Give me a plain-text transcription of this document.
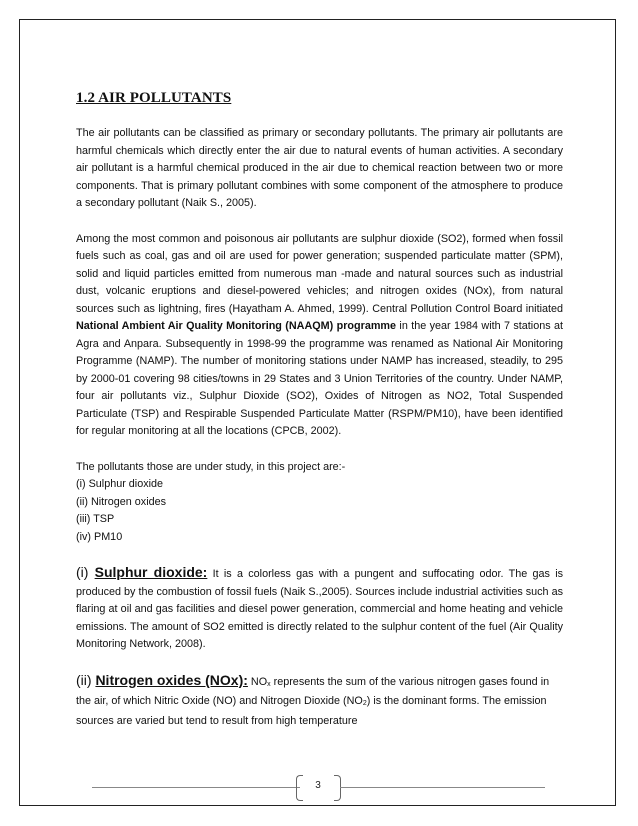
1.2 AIR POLLUTANTS

The air pollutants can be classified as primary or secondary pollutants. The primary air pollutants are harmful chemicals which directly enter the air due to natural events of human activities. A secondary air pollutant is a harmful chemical produced in the air due to chemical reaction between two or more components. That is primary pollutant combines with some component of the atmosphere to produce a secondary pollutant (Naik S., 2005).

Among the most common and poisonous air pollutants are sulphur dioxide (SO2), formed when fossil fuels such as coal, gas and oil are used for power generation; suspended particulate matter (SPM), solid and liquid particles emitted from numerous man -made and natural sources such as industrial dust, volcanic eruptions and diesel-powered vehicles; and nitrogen oxides (NOx), from natural sources such as lightning, fires (Hayatham A. Ahmed, 1999). Central Pollution Control Board initiated National Ambient Air Quality Monitoring (NAAQM) programme in the year 1984 with 7 stations at Agra and Anpara. Subsequently in 1998-99 the programme was renamed as National Air Monitoring Programme (NAMP). The number of monitoring stations under NAMP has increased, steadily, to 295 by 2000-01 covering 98 cities/towns in 29 States and 3 Union Territories of the country. Under NAMP, four air pollutants viz., Sulphur Dioxide (SO2), Oxides of Nitrogen as NO2, Total Suspended Particulate (TSP) and Respirable Suspended Particulate Matter (RSPM/PM10), have been identified for regular monitoring at all the locations (CPCB, 2002).

The pollutants those are under study, in this project are:-
(i) Sulphur dioxide
(ii) Nitrogen oxides
(iii) TSP
(iv) PM10

(i) Sulphur dioxide: It is a colorless gas with a pungent and suffocating odor. The gas is produced by the combustion of fossil fuels (Naik S.,2005). Sources include industrial activities such as flaring at oil and gas facilities and diesel power generation, commercial and home heating and vehicle emissions. The amount of SO2 emitted is directly related to the sulphur content of the fuel (Air Quality Monitoring Network, 2008).

(ii) Nitrogen oxides (NOx): $NO_x$ represents the sum of the various nitrogen gases found in the air, of which Nitric Oxide (NO) and Nitrogen Dioxide $(NO_2)$ is the dominant forms. The emission sources are varied but tend to result from high temperature

3
